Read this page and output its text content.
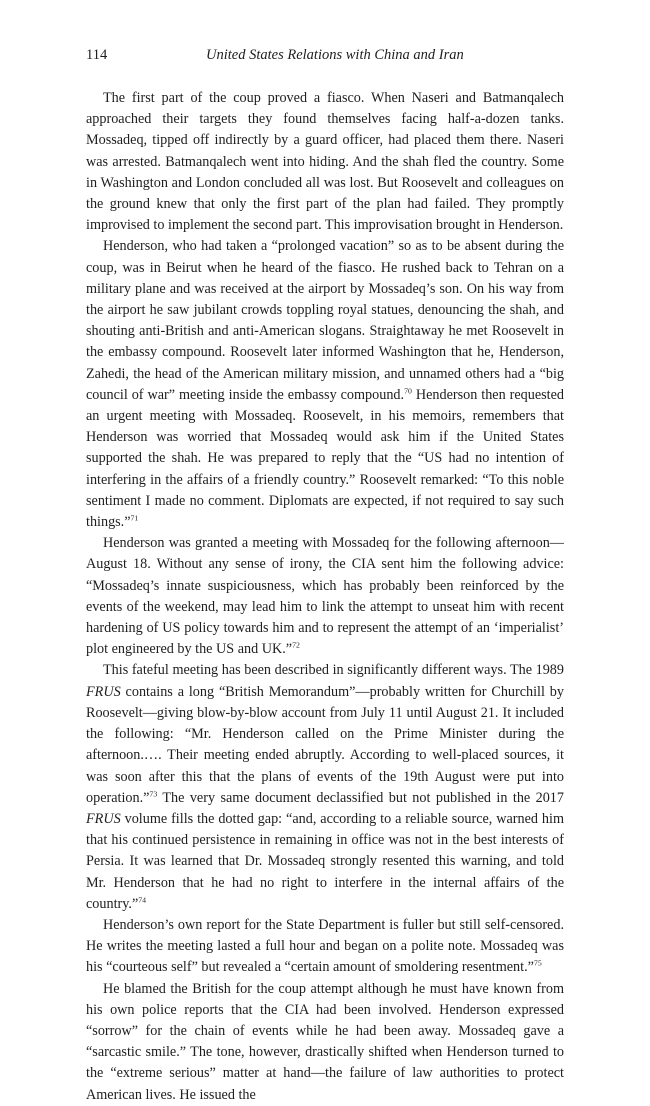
114	United States Relations with China and Iran

The first part of the coup proved a fiasco. When Naseri and Batmanqalech approached their targets they found themselves facing half-a-dozen tanks. Mossadeq, tipped off indirectly by a guard officer, had placed them there. Naseri was arrested. Batmanqalech went into hiding. And the shah fled the country. Some in Washington and London concluded all was lost. But Roosevelt and colleagues on the ground knew that only the first part of the plan had failed. They promptly improvised to implement the second part. This improvisation brought in Henderson.

Henderson, who had taken a “prolonged vacation” so as to be absent during the coup, was in Beirut when he heard of the fiasco. He rushed back to Tehran on a military plane and was received at the airport by Mossadeq’s son. On his way from the airport he saw jubilant crowds toppling royal statues, denouncing the shah, and shouting anti-British and anti-American slogans. Straightaway he met Roosevelt in the embassy compound. Roosevelt later informed Washington that he, Henderson, Zahedi, the head of the American military mission, and unnamed others had a “big council of war” meeting inside the embassy compound.$^{70}$ Henderson then requested an urgent meeting with Mossadeq. Roosevelt, in his memoirs, remembers that Henderson was worried that Mossadeq would ask him if the United States supported the shah. He was prepared to reply that the “US had no intention of interfering in the affairs of a friendly country.” Roosevelt remarked: “To this noble sentiment I made no comment. Diplomats are expected, if not required to say such things.”$^{71}$

Henderson was granted a meeting with Mossadeq for the following afternoon—August 18. Without any sense of irony, the CIA sent him the following advice: “Mossadeq’s innate suspiciousness, which has probably been reinforced by the events of the weekend, may lead him to link the attempt to unseat him with recent hardening of US policy towards him and to represent the attempt of an ‘imperialist’ plot engineered by the US and UK.”$^{72}$

This fateful meeting has been described in significantly different ways. The 1989 FRUS contains a long “British Memorandum”—probably written for Churchill by Roosevelt—giving blow-by-blow account from July 11 until August 21. It included the following: “Mr. Henderson called on the Prime Minister during the afternoon.…. Their meeting ended abruptly. According to well-placed sources, it was soon after this that the plans of events of the 19th August were put into operation.”$^{73}$ The very same document declassified but not published in the 2017 FRUS volume fills the dotted gap: “and, according to a reliable source, warned him that his continued persistence in remaining in office was not in the best interests of Persia. It was learned that Dr. Mossadeq strongly resented this warning, and told Mr. Henderson that he had no right to interfere in the internal affairs of the country.”$^{74}$

Henderson’s own report for the State Department is fuller but still self-censored. He writes the meeting lasted a full hour and began on a polite note. Mossadeq was his “courteous self” but revealed a “certain amount of smoldering resentment.”$^{75}$

He blamed the British for the coup attempt although he must have known from his own police reports that the CIA had been involved. Henderson expressed “sorrow” for the chain of events while he had been away. Mossadeq gave a “sarcastic smile.” The tone, however, drastically shifted when Henderson turned to the “extreme serious” matter at hand—the failure of law authorities to protect American lives. He issued the
